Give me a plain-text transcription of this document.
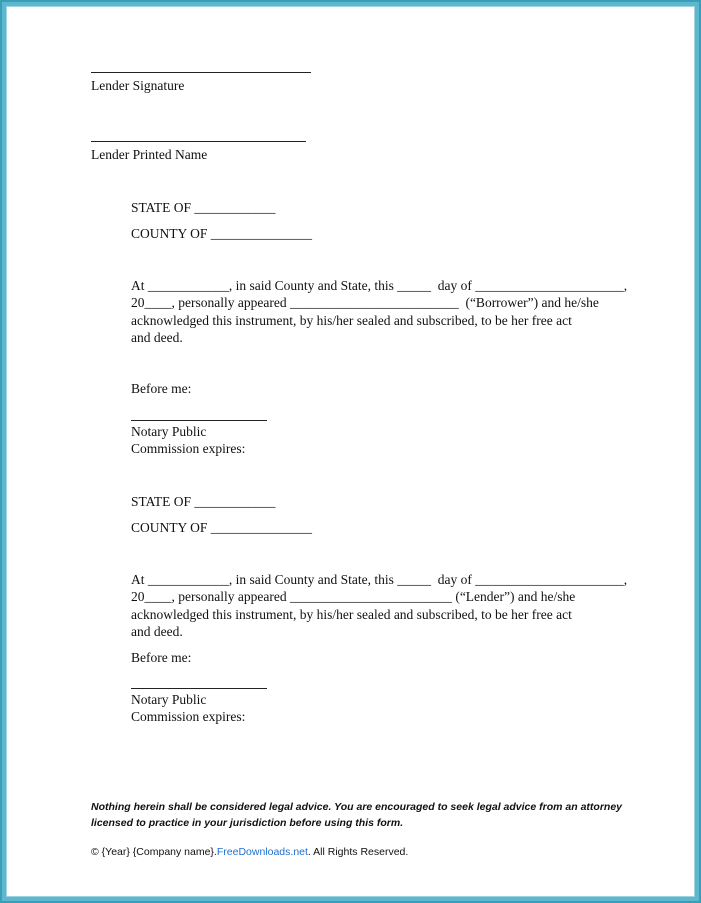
Lender Signature
Lender Printed Name
STATE OF ____________
COUNTY OF _______________
At ____________, in said County and State, this _____  day of ______________________,
20____, personally appeared _________________________  (“Borrower”) and he/she
acknowledged this instrument, by his/her sealed and subscribed, to be her free act
and deed.
Before me:
Notary Public
Commission expires:
STATE OF ____________
COUNTY OF _______________
At ____________, in said County and State, this _____  day of ______________________,
20____, personally appeared ________________________ (“Lender”) and he/she
acknowledged this instrument, by his/her sealed and subscribed, to be her free act
and deed.
Before me:
Notary Public
Commission expires:
Nothing herein shall be considered legal advice. You are encouraged to seek legal advice from an attorney licensed to practice in your jurisdiction before using this form.
© {Year} {Company name}.FreeDownloads.net. All Rights Reserved.
